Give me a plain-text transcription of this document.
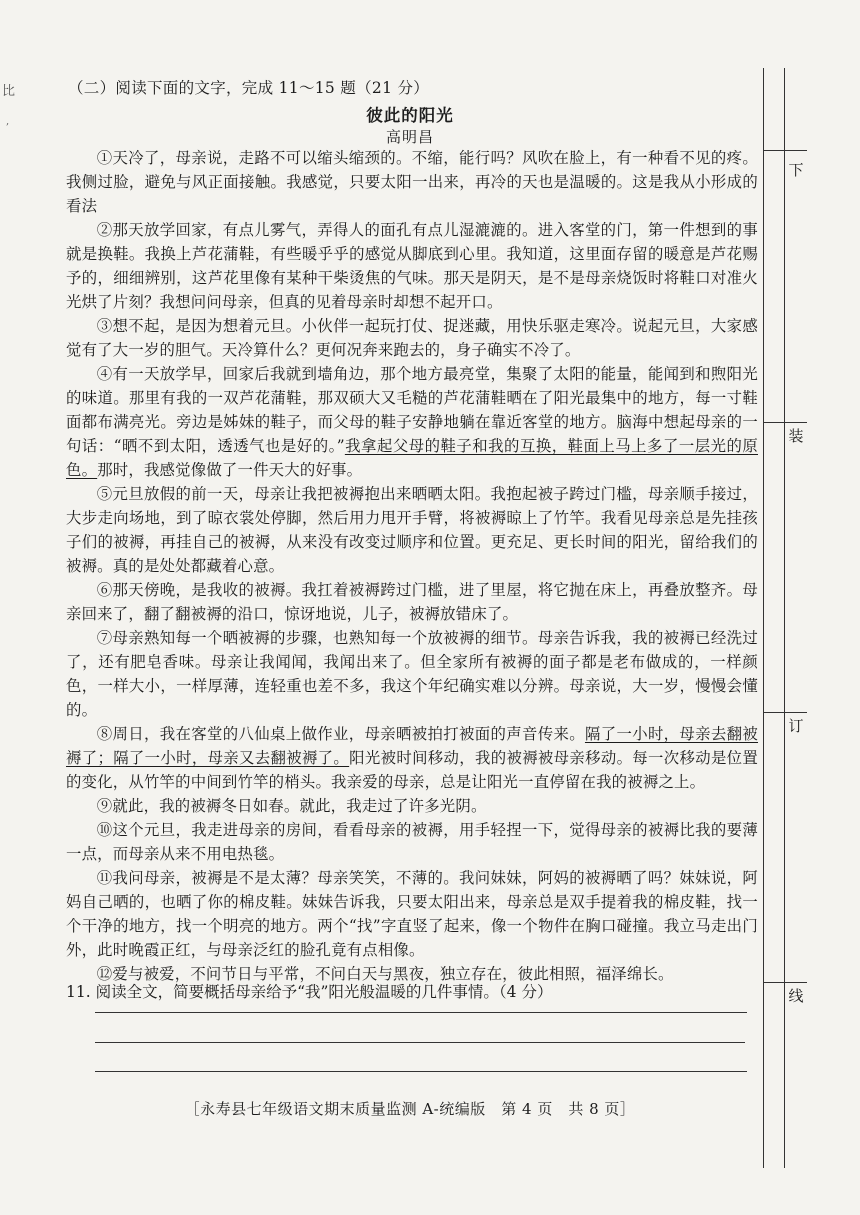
比
,
（二）阅读下面的文字，完成 11～15 题（21 分）
彼此的阳光
高明昌

①天冷了，母亲说，走路不可以缩头缩颈的。不缩，能行吗？风吹在脸上，有一种看不见的疼。我侧过脸，避免与风正面接触。我感觉，只要太阳一出来，再冷的天也是温暖的。这是我从小形成的看法

②那天放学回家，有点儿雾气，弄得人的面孔有点儿湿漉漉的。进入客堂的门，第一件想到的事就是换鞋。我换上芦花蒲鞋，有些暖乎乎的感觉从脚底到心里。我知道，这里面存留的暖意是芦花赐予的，细细辨别，这芦花里像有某种干柴烫焦的气味。那天是阴天，是不是母亲烧饭时将鞋口对准火光烘了片刻？我想问问母亲，但真的见着母亲时却想不起开口。

③想不起，是因为想着元旦。小伙伴一起玩打仗、捉迷藏，用快乐驱走寒冷。说起元旦，大家感觉有了大一岁的胆气。天冷算什么？更何况奔来跑去的，身子确实不冷了。

④有一天放学早，回家后我就到墙角边，那个地方最亮堂，集聚了太阳的能量，能闻到和煦阳光的味道。那里有我的一双芦花蒲鞋，那双硕大又毛糙的芦花蒲鞋晒在了阳光最集中的地方，每一寸鞋面都布满亮光。旁边是姊妹的鞋子，而父母的鞋子安静地躺在靠近客堂的地方。脑海中想起母亲的一句话：“晒不到太阳，透透气也是好的。”我拿起父母的鞋子和我的互换，鞋面上马上多了一层光的原色。那时，我感觉像做了一件天大的好事。

⑤元旦放假的前一天，母亲让我把被褥抱出来晒晒太阳。我抱起被子跨过门槛，母亲顺手接过，大步走向场地，到了晾衣裳处停脚，然后用力甩开手臂，将被褥晾上了竹竿。我看见母亲总是先挂孩子们的被褥，再挂自己的被褥，从来没有改变过顺序和位置。更充足、更长时间的阳光，留给我们的被褥。真的是处处都藏着心意。

⑥那天傍晚，是我收的被褥。我扛着被褥跨过门槛，进了里屋，将它抛在床上，再叠放整齐。母亲回来了，翻了翻被褥的沿口，惊讶地说，儿子，被褥放错床了。

⑦母亲熟知每一个晒被褥的步骤，也熟知每一个放被褥的细节。母亲告诉我，我的被褥已经洗过了，还有肥皂香味。母亲让我闻闻，我闻出来了。但全家所有被褥的面子都是老布做成的，一样颜色，一样大小，一样厚薄，连轻重也差不多，我这个年纪确实难以分辨。母亲说，大一岁，慢慢会懂的。

⑧周日，我在客堂的八仙桌上做作业，母亲晒被拍打被面的声音传来。隔了一小时，母亲去翻被褥了；隔了一小时，母亲又去翻被褥了。阳光被时间移动，我的被褥被母亲移动。每一次移动是位置的变化，从竹竿的中间到竹竿的梢头。我亲爱的母亲，总是让阳光一直停留在我的被褥之上。

⑨就此，我的被褥冬日如春。就此，我走过了许多光阴。

⑩这个元旦，我走进母亲的房间，看看母亲的被褥，用手轻捏一下，觉得母亲的被褥比我的要薄一点，而母亲从来不用电热毯。

⑪我问母亲，被褥是不是太薄？母亲笑笑，不薄的。我问妹妹，阿妈的被褥晒了吗？妹妹说，阿妈自己晒的，也晒了你的棉皮鞋。妹妹告诉我，只要太阳出来，母亲总是双手提着我的棉皮鞋，找一个干净的地方，找一个明亮的地方。两个“找”字直竖了起来，像一个物件在胸口碰撞。我立马走出门外，此时晚霞正红，与母亲泛红的脸孔竟有点相像。

⑫爱与被爱，不问节日与平常，不问白天与黑夜，独立存在，彼此相照，福泽绵长。

11. 阅读全文，简要概括母亲给予“我”阳光般温暖的几件事情。（4 分）
［永寿县七年级语文期末质量监测 A-统编版　第 4 页　共 8 页］
下
装
订
线
